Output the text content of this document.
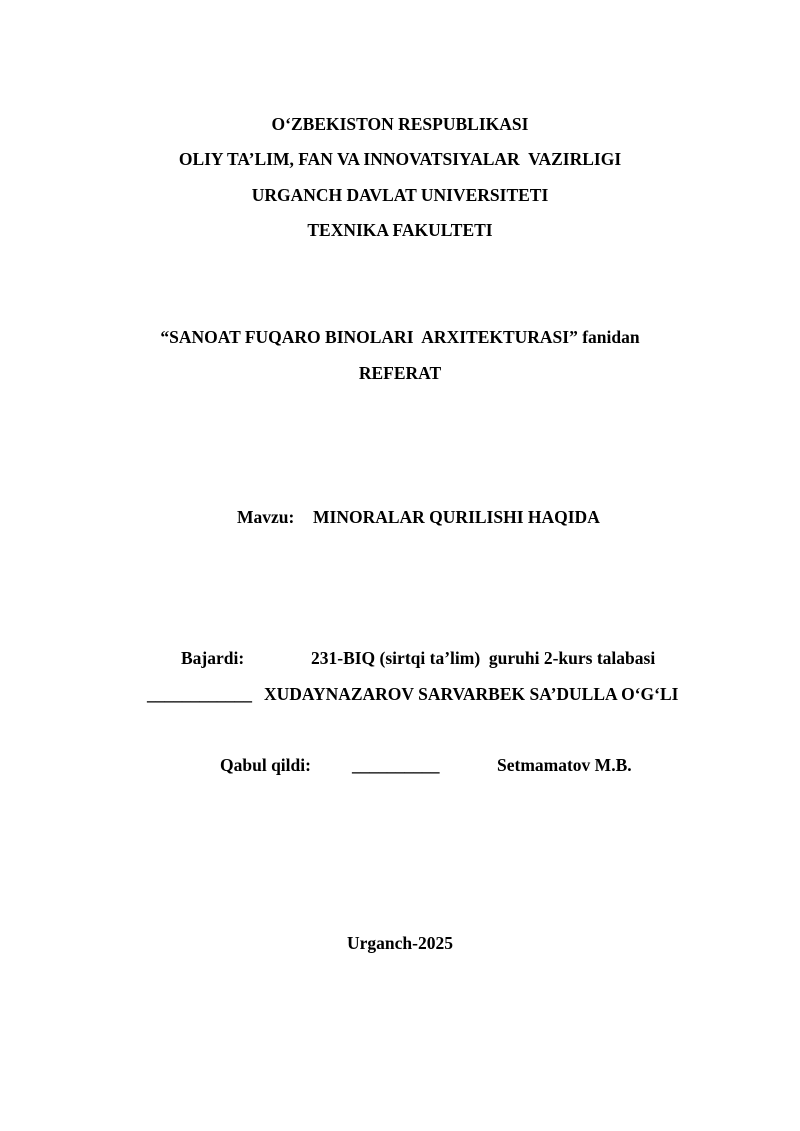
O‘ZBEKISTON RESPUBLIKASI
OLIY TA’LIM, FAN VA INNOVATSIYALAR  VAZIRLIGI
URGANCH DAVLAT UNIVERSITETI
TEXNIKA FAKULTETI
“SANOAT FUQARO BINOLARI  ARXITEKTURASI” fanidan
REFERAT
Mavzu: MINORALAR QURILISHI HAQIDA
Bajardi:	231-BIQ (sirtqi ta’lim)  guruhi 2-kurs talabasi
____________ XUDAYNAZAROV SARVARBEK SA’DULLA O‘G‘LI
Qabul qildi: __________	Setmamatov M.B.
Urganch-2025
